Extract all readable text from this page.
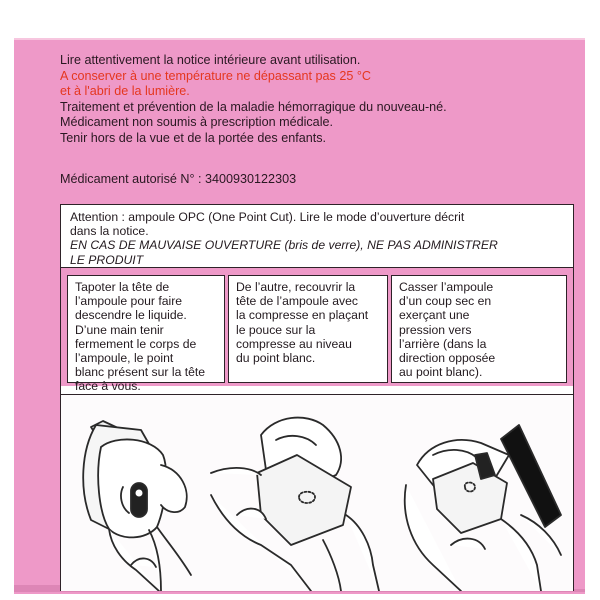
Lire attentivement la notice intérieure avant utilisation.
A conserver à une température ne dépassant pas 25 °C
et à l'abri de la lumière.
Traitement et prévention de la maladie hémorragique du nouveau-né.
Médicament non soumis à prescription médicale.
Tenir hors de la vue et de la portée des enfants.
Médicament autorisé N° : 3400930122303
Attention : ampoule OPC (One Point Cut). Lire le mode d’ouverture décrit
dans la notice.
EN CAS DE MAUVAISE OUVERTURE (bris de verre), NE PAS ADMINISTRER
LE PRODUIT
Tapoter la tête de
l’ampoule pour faire
descendre le liquide.
D’une main tenir
fermement le corps de
l’ampoule, le point
blanc présent sur la tête
face à vous.
De l’autre, recouvrir la
tête de l’ampoule avec
la compresse en plaçant
le pouce sur la
compresse au niveau
du point blanc.
Casser l’ampoule
d’un coup sec en
exerçant une
pression vers
l’arrière (dans la
direction opposée
au point blanc).
